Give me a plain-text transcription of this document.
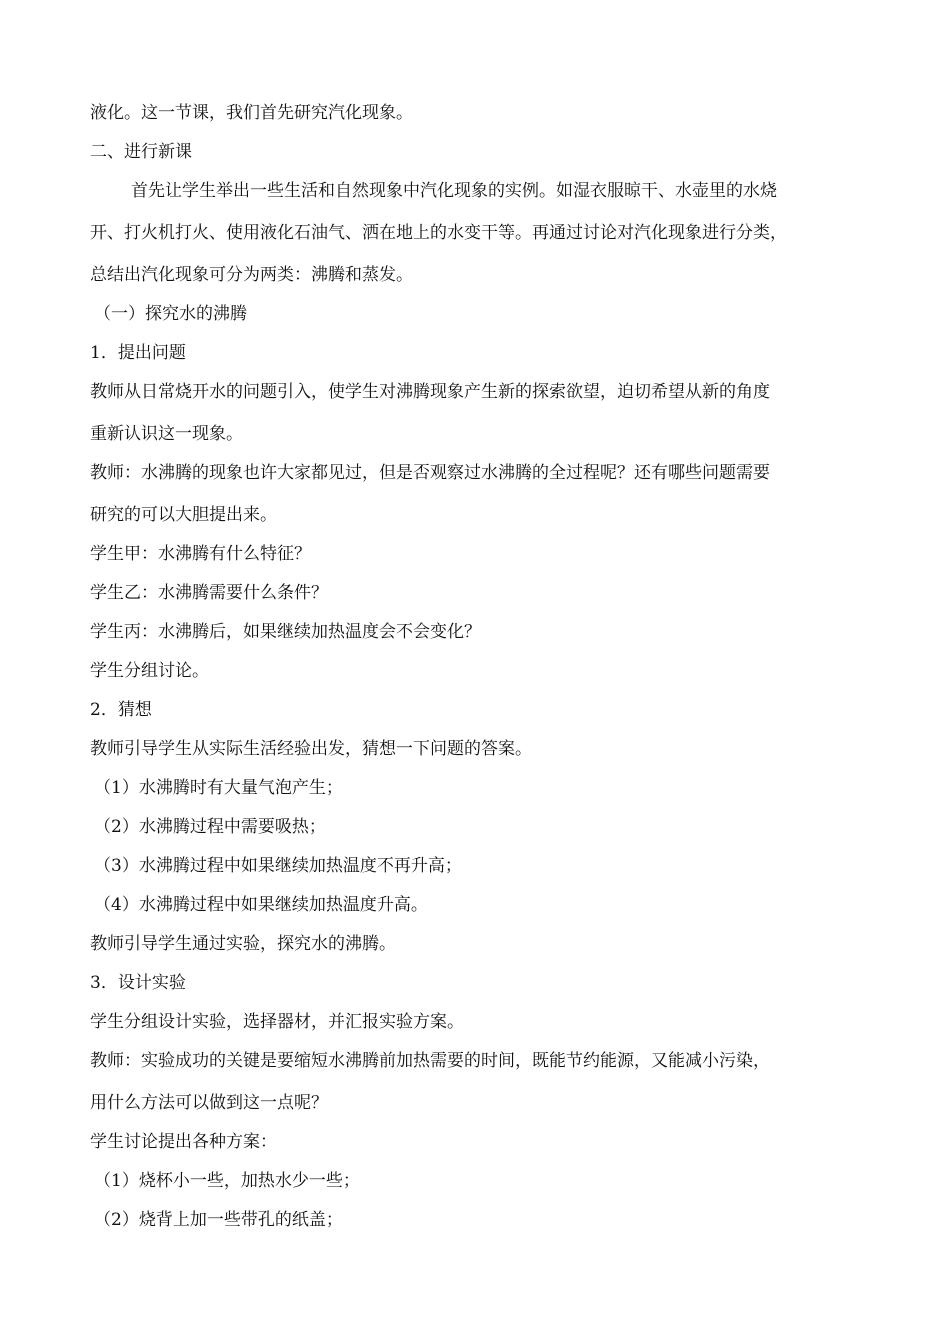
液化。这一节课，我们首先研究汽化现象。

二、进行新课

首先让学生举出一些生活和自然现象中汽化现象的实例。如湿衣服晾干、水壶里的水烧

开、打火机打火、使用液化石油气、洒在地上的水变干等。再通过讨论对汽化现象进行分类，

总结出汽化现象可分为两类：沸腾和蒸发。

（一）探究水的沸腾

1．提出问题

教师从日常烧开水的问题引入，使学生对沸腾现象产生新的探索欲望，迫切希望从新的角度

重新认识这一现象。

教师：水沸腾的现象也许大家都见过，但是否观察过水沸腾的全过程呢？还有哪些问题需要

研究的可以大胆提出来。

学生甲：水沸腾有什么特征？

学生乙：水沸腾需要什么条件？

学生丙：水沸腾后，如果继续加热温度会不会变化？

学生分组讨论。

2．猜想

教师引导学生从实际生活经验出发，猜想一下问题的答案。

（1）水沸腾时有大量气泡产生；

（2）水沸腾过程中需要吸热；

（3）水沸腾过程中如果继续加热温度不再升高；

（4）水沸腾过程中如果继续加热温度升高。

教师引导学生通过实验，探究水的沸腾。

3．设计实验

学生分组设计实验，选择器材，并汇报实验方案。

教师：实验成功的关键是要缩短水沸腾前加热需要的时间，既能节约能源，又能减小污染，

用什么方法可以做到这一点呢？

学生讨论提出各种方案：

（1）烧杯小一些，加热水少一些；

（2）烧背上加一些带孔的纸盖；
